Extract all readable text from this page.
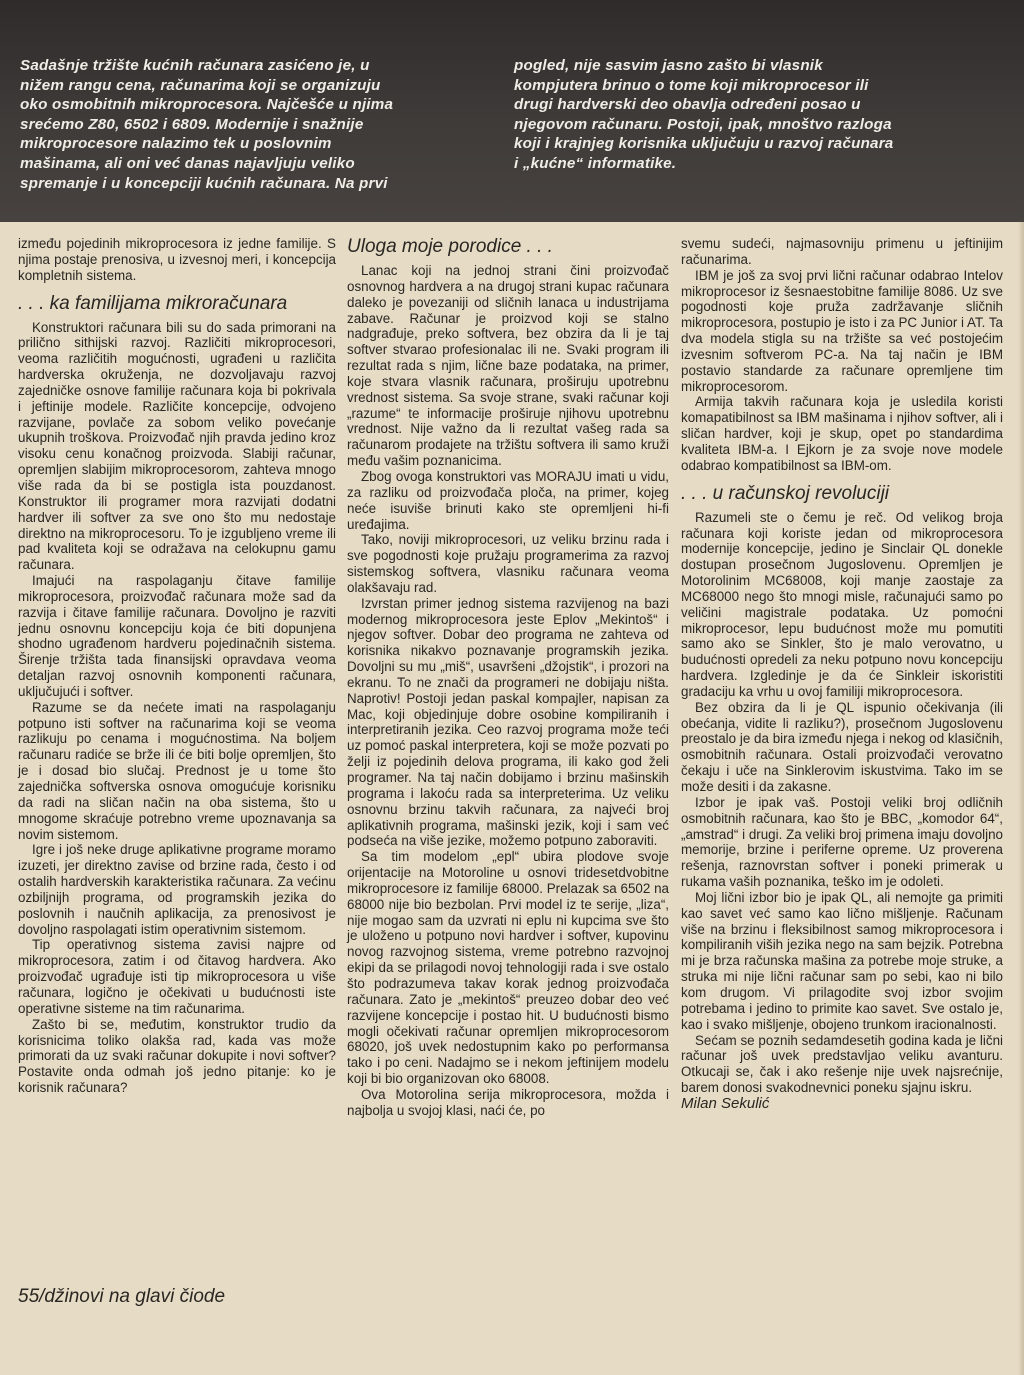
Sadašnje tržište kućnih računara zasićeno je, u
nižem rangu cena, računarima koji se organizuju
oko osmobitnih mikroprocesora. Najčešće u njima
srećemo Z80, 6502 i 6809. Modernije i snažnije
mikroprocesore nalazimo tek u poslovnim
mašinama, ali oni već danas najavljuju veliko
spremanje i u koncepciji kućnih računara. Na prvi

pogled, nije sasvim jasno zašto bi vlasnik
kompjutera brinuo o tome koji mikroprocesor ili
drugi hardverski deo obavlja određeni posao u
njegovom računaru. Postoji, ipak, mnoštvo razloga
koji i krajnjeg korisnika uključuju u razvoj računara
i „kućne“ informatike.

između pojedinih mikroprocesora iz jedne familije. S njima postaje prenosiva, u izvesnoj meri, i koncepcija kompletnih sistema.

. . . ka familijama mikroračunara

Konstruktori računara bili su do sada primorani na prilično sithijski razvoj. Različiti mikroprocesori, veoma različitih mogućnosti, ugrađeni u različita hardverska okruženja, ne dozvoljavaju razvoj zajedničke osnove familije računara koja bi pokrivala i jeftinije modele. Različite koncepcije, odvojeno razvijane, povlače za sobom veliko povećanje ukupnih troškova. Proizvođač njih pravda jedino kroz visoku cenu konačnog proizvoda. Slabiji računar, opremljen slabijim mikroprocesorom, zahteva mnogo više rada da bi se postigla ista pouzdanost. Konstruktor ili programer mora razvijati dodatni hardver ili softver za sve ono što mu nedostaje direktno na mikroprocesoru. To je izgubljeno vreme ili pad kvaliteta koji se odražava na celokupnu gamu računara.

Imajući na raspolaganju čitave familije mikroprocesora, proizvođač računara može sad da razvija i čitave familije računara. Dovoljno je razviti jednu osnovnu koncepciju koja će biti dopunjena shodno ugrađenom hardveru pojedinačnih sistema. Širenje tržišta tada finansijski opravdava veoma detaljan razvoj osnovnih komponenti računara, uključujući i softver.

Razume se da nećete imati na raspolaganju potpuno isti softver na računarima koji se veoma razlikuju po cenama i mogućnostima. Na boljem računaru radiće se brže ili će biti bolje opremljen, što je i dosad bio slučaj. Prednost je u tome što zajednička softverska osnova omogućuje korisniku da radi na sličan način na oba sistema, što u mnogome skraćuje potrebno vreme upoznavanja sa novim sistemom.

Igre i još neke druge aplikativne programe moramo izuzeti, jer direktno zavise od brzine rada, često i od ostalih hardverskih karakteristika računara. Za većinu ozbiljnijh programa, od programskih jezika do poslovnih i naučnih aplikacija, za prenosivost je dovoljno raspolagati istim operativnim sistemom.

Tip operativnog sistema zavisi najpre od mikroprocesora, zatim i od čitavog hardvera. Ako proizvođač ugrađuje isti tip mikroprocesora u više računara, logično je očekivati u budućnosti iste operativne sisteme na tim računarima.

Zašto bi se, međutim, konstruktor trudio da korisnicima toliko olakša rad, kada vas može primorati da uz svaki računar dokupite i novi softver? Postavite onda odmah još jedno pitanje: ko je korisnik računara?

Uloga moje porodice . . .

Lanac koji na jednoj strani čini proizvođač osnovnog hardvera a na drugoj strani kupac računara daleko je povezaniji od sličnih lanaca u industrijama zabave. Računar je proizvod koji se stalno nadgrađuje, preko softvera, bez obzira da li je taj softver stvarao profesionalac ili ne. Svaki program ili rezultat rada s njim, lične baze podataka, na primer, koje stvara vlasnik računara, proširuju upotrebnu vrednost sistema. Sa svoje strane, svaki računar koji „razume“ te informacije proširuje njihovu upotrebnu vrednost. Nije važno da li rezultat vašeg rada sa računarom prodajete na tržištu softvera ili samo kruži među vašim poznanicima.

Zbog ovoga konstruktori vas MORAJU imati u vidu, za razliku od proizvođača ploča, na primer, kojeg neće isuviše brinuti kako ste opremljeni hi-fi uređajima.

Tako, noviji mikroprocesori, uz veliku brzinu rada i sve pogodnosti koje pružaju programerima za razvoj sistemskog softvera, vlasniku računara veoma olakšavaju rad.

Izvrstan primer jednog sistema razvijenog na bazi modernog mikroprocesora jeste Eplov „Mekintoš“ i njegov softver. Dobar deo programa ne zahteva od korisnika nikakvo poznavanje programskih jezika. Dovoljni su mu „miš“, usavršeni „džojstik“, i prozori na ekranu. To ne znači da programeri ne dobijaju ništa. Naprotiv! Postoji jedan paskal kompajler, napisan za Mac, koji objedinjuje dobre osobine kompiliranih i interpretiranih jezika. Ceo razvoj programa može teći uz pomoć paskal interpretera, koji se može pozvati po želji iz pojedinih delova programa, ili kako god želi programer. Na taj način dobijamo i brzinu mašinskih programa i lakoću rada sa interpreterima. Uz veliku osnovnu brzinu takvih računara, za najveći broj aplikativnih programa, mašinski jezik, koji i sam već podseća na više jezike, možemo potpuno zaboraviti.

Sa tim modelom „epl“ ubira plodove svoje orijentacije na Motoroline u osnovi tridesetdvobitne mikroprocesore iz familije 68000. Prelazak sa 6502 na 68000 nije bio bezbolan. Prvi model iz te serije, „liza“, nije mogao sam da uzvrati ni eplu ni kupcima sve što je uloženo u potpuno novi hardver i softver, kupovinu novog razvojnog sistema, vreme potrebno razvojnoj ekipi da se prilagodi novoj tehnologiji rada i sve ostalo što podrazumeva takav korak jednog proizvođača računara. Zato je „mekintoš“ preuzeo dobar deo već razvijene koncepcije i postao hit. U budućnosti bismo mogli očekivati računar opremljen mikroprocesorom 68020, još uvek nedostupnim kako po performansa tako i po ceni. Nadajmo se i nekom jeftinijem modelu koji bi bio organizovan oko 68008.

Ova Motorolina serija mikroprocesora, možda i najbolja u svojoj klasi, naći će, po

svemu sudeći, najmasovniju primenu u jeftinijim računarima.

IBM je još za svoj prvi lični računar odabrao Intelov mikroprocesor iz šesnaestobitne familije 8086. Uz sve pogodnosti koje pruža zadržavanje sličnih mikroprocesora, postupio je isto i za PC Junior i AT. Ta dva modela stigla su na tržište sa već postojećim izvesnim softverom PC-a. Na taj način je IBM postavio standarde za računare opremljene tim mikroprocesorom.

Armija takvih računara koja je usledila koristi komapatibilnost sa IBM mašinama i njihov softver, ali i sličan hardver, koji je skup, opet po standardima kvaliteta IBM-a. I Ejkorn je za svoje nove modele odabrao kompatibilnost sa IBM-om.

. . . u računskoj revoluciji

Razumeli ste o čemu je reč. Od velikog broja računara koji koriste jedan od mikroprocesora modernije koncepcije, jedino je Sinclair QL donekle dostupan prosečnom Jugoslovenu. Opremljen je Motorolinim MC68008, koji manje zaostaje za MC68000 nego što mnogi misle, računajući samo po veličini magistrale podataka. Uz pomoćni mikroprocesor, lepu budućnost može mu pomutiti samo ako se Sinkler, što je malo verovatno, u budućnosti opredeli za neku potpuno novu koncepciju hardvera. Izgledinje je da će Sinkleir iskoristiti gradaciju ka vrhu u ovoj familiji mikroprocesora.

Bez obzira da li je QL ispunio očekivanja (ili obećanja, vidite li razliku?), prosečnom Jugoslovenu preostalo je da bira između njega i nekog od klasičnih, osmobitnih računara. Ostali proizvođači verovatno čekaju i uče na Sinklerovim iskustvima. Tako im se može desiti i da zakasne.

Izbor je ipak vaš. Postoji veliki broj odličnih osmobitnih računara, kao što je BBC, „komodor 64“, „amstrad“ i drugi. Za veliki broj primena imaju dovoljno memorije, brzine i periferne opreme. Uz proverena rešenja, raznovrstan softver i poneki primerak u rukama vaših poznanika, teško im je odoleti.

Moj lični izbor bio je ipak QL, ali nemojte ga primiti kao savet već samo kao lično mišljenje. Računam više na brzinu i fleksibilnost samog mikroprocesora i kompiliranih viših jezika nego na sam bejzik. Potrebna mi je brza računska mašina za potrebe moje struke, a struka mi nije lični računar sam po sebi, kao ni bilo kom drugom. Vi prilagodite svoj izbor svojim potrebama i jedino to primite kao savet. Sve ostalo je, kao i svako mišljenje, obojeno trunkom iracionalnosti.

Sećam se poznih sedamdesetih godina kada je lični računar još uvek predstavljao veliku avanturu. Otkucaji se, čak i ako rešenje nije uvek najsrećnije, barem donosi svakodnevnici poneku sjajnu iskru.

Milan Sekulić

55/džinovi na glavi čiode
